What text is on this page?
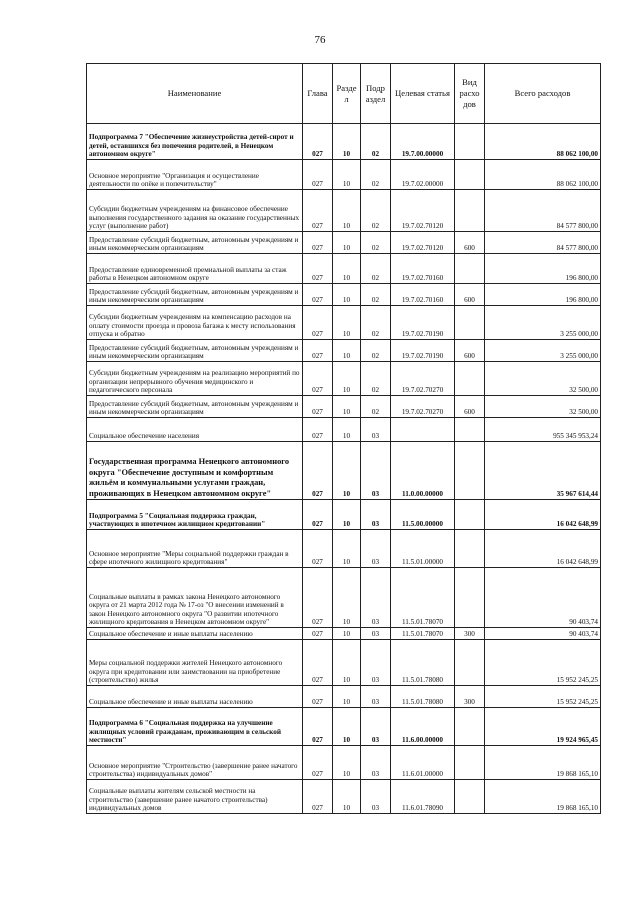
76
Наименование	Глава	Разде л	Подр аздел	Целевая статья	Вид расхо дов	Всего расходов
Подпрограмма 7 "Обеспечение жизнеустройства детей-сирот и детей, оставшихся без попечения родителей, в Ненецком автономном округе"	027	10	02	19.7.00.00000		88 062 100,00
Основное мероприятие "Организация и осуществление деятельности по опёке и попечительству"	027	10	02	19.7.02.00000		88 062 100,00
Субсидии бюджетным учреждениям на финансовое обеспечение выполнения государственного задания на оказание государственных услуг (выполнение работ)	027	10	02	19.7.02.70120		84 577 800,00
Предоставление субсидий бюджетным, автономным учреждениям и иным некоммерческим организациям	027	10	02	19.7.02.70120	600	84 577 800,00
Предоставление единовременной премиальной выплаты за стаж работы в Ненецком автономном округе	027	10	02	19.7.02.70160		196 800,00
Предоставление субсидий бюджетным, автономным учреждениям и иным некоммерческим организациям	027	10	02	19.7.02.70160	600	196 800,00
Субсидии бюджетным учреждениям на компенсацию расходов на оплату стоимости проезда и провоза багажа к месту использования отпуска и обратно	027	10	02	19.7.02.70190		3 255 000,00
Предоставление субсидий бюджетным, автономным учреждениям и иным некоммерческим организациям	027	10	02	19.7.02.70190	600	3 255 000,00
Субсидии бюджетным учреждениям на реализацию мероприятий по организации непрерывного обучения медицинского и педагогического персонала	027	10	02	19.7.02.70270		32 500,00
Предоставление субсидий бюджетным, автономным учреждениям и иным некоммерческим организациям	027	10	02	19.7.02.70270	600	32 500,00
Социальное обеспечение населения	027	10	03			955 345 953,24
Государственная программа Ненецкого автономного округа "Обеспечение доступным и комфортным жильём и коммунальными услугами граждан, проживающих в Ненецком автономном округе"	027	10	03	11.0.00.00000		35 967 614,44
Подпрограмма 5 "Социальная поддержка граждан, участвующих в ипотечном жилищном кредитовании"	027	10	03	11.5.00.00000		16 042 648,99
Основное мероприятие "Меры социальной поддержки граждан в сфере ипотечного жилищного кредитования"	027	10	03	11.5.01.00000		16 042 648,99
Социальные выплаты в рамках закона Ненецкого автономного округа от 21 марта 2012 года № 17-оз "О внесении изменений в закон Ненецкого автономного округа "О развитии ипотечного жилищного кредитования в Ненецком автономном округе"	027	10	03	11.5.01.78070		90 403,74
Социальное обеспечение и иные выплаты населению	027	10	03	11.5.01.78070	300	90 403,74
Меры социальной поддержки жителей Ненецкого автономного округа при кредитовании или заимствовании на приобретение (строительство) жилья	027	10	03	11.5.01.78080		15 952 245,25
Социальное обеспечение и иные выплаты населению	027	10	03	11.5.01.78080	300	15 952 245,25
Подпрограмма 6 "Социальная поддержка на улучшение жилищных условий гражданам, проживающим в сельской местности"	027	10	03	11.6.00.00000		19 924 965,45
Основное мероприятие "Строительство (завершение ранее начатого строительства) индивидуальных домов"	027	10	03	11.6.01.00000		19 868 165,10
Социальные выплаты жителям сельской местности на строительство (завершение ранее начатого строительства) индивидуальных домов	027	10	03	11.6.01.78090		19 868 165,10
